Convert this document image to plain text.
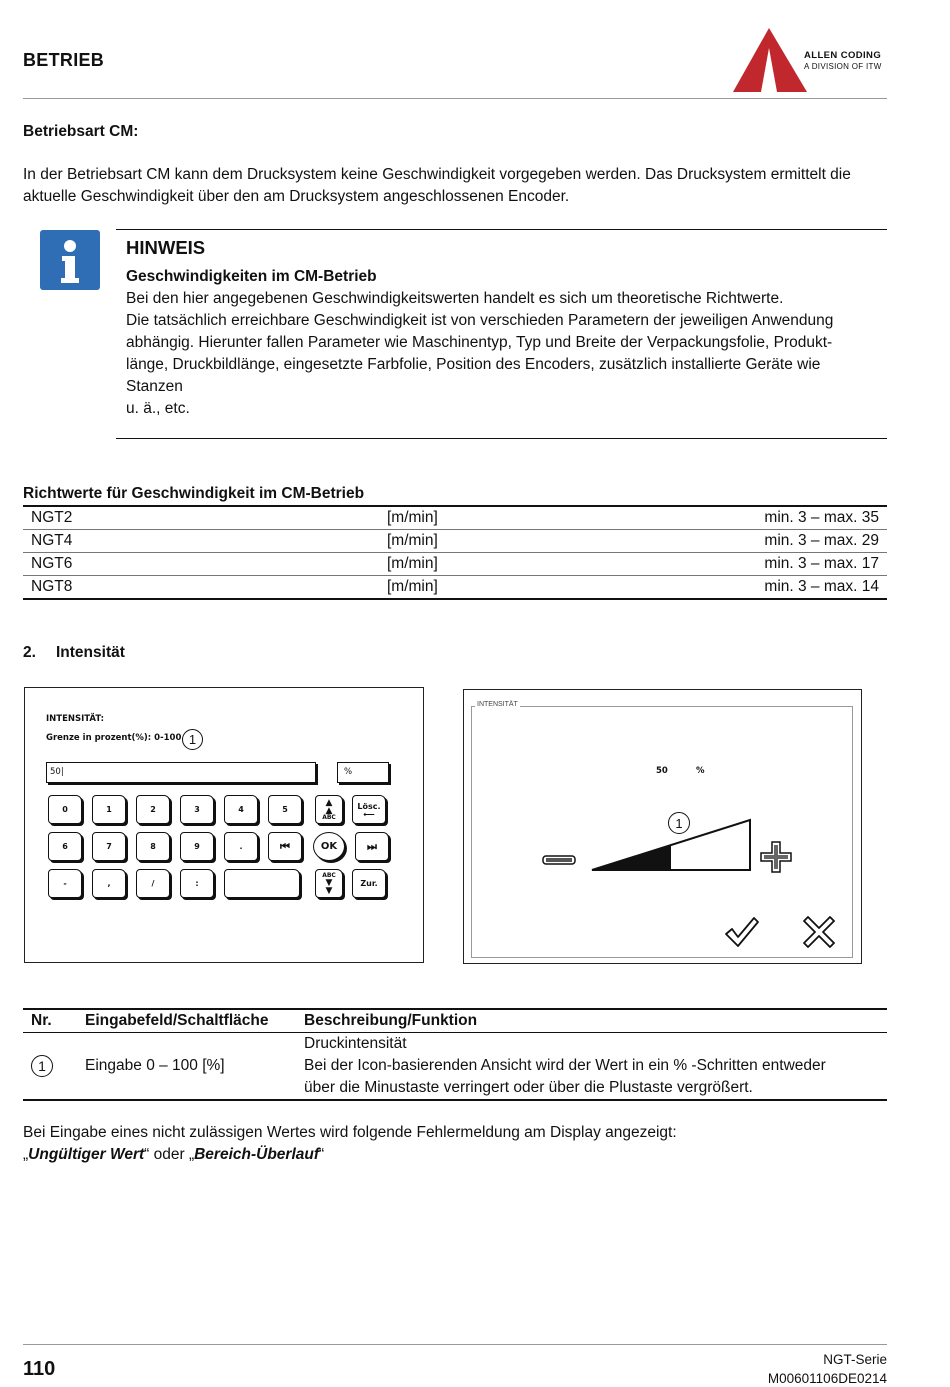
BETRIEB	ALLEN CODING
A DIVISION OF ITW
Betriebsart CM:
In der Betriebsart CM kann dem Drucksystem keine Geschwindigkeit vorgegeben werden. Das Drucksystem ermittelt die aktuelle Geschwindigkeit über den am Drucksystem angeschlossenen Encoder.
HINWEIS
Geschwindigkeiten im CM-Betrieb
Bei den hier angegebenen Geschwindigkeitswerten handelt es sich um theoretische Richtwerte.
Die tatsächlich erreichbare Geschwindigkeit ist von verschieden Parametern der jeweiligen Anwendung
abhängig. Hierunter fallen Parameter wie Maschinentyp, Typ und Breite der Verpackungsfolie, Produkt-
länge, Druckbildlänge, eingesetzte Farbfolie, Position des Encoders, zusätzlich installierte Geräte wie
Stanzen
u. ä., etc.
Richtwerte für Geschwindigkeit im CM-Betrieb
NGT2	[m/min]	min. 3 – max. 35
NGT4	[m/min]	min. 3 – max. 29
NGT6	[m/min]	min. 3 – max. 17
NGT8	[m/min]	min. 3 – max. 14
2. Intensität
INTENSITÄT:
Grenze in prozent(%): 0-100 1
50|	%
0	1	2	3	4	5
▲
▲
ABC
Lösc.
⟵
6	7	8	9	.	⏮	OK	⏭
-	,	/	:
ABC
▼
▼
Zur.
INTENSITÄT
50	%
1
Nr.	Eingabefeld/Schaltfläche	Beschreibung/Funktion
1	Eingabe 0 – 100 [%]	Druckintensität
Bei der Icon-basierenden Ansicht wird der Wert in ein % -Schritten entweder
über die Minustaste verringert oder über die Plustaste vergrößert.
Bei Eingabe eines nicht zulässigen Wertes wird folgende Fehlermeldung am Display angezeigt:
„Ungültiger Wert“ oder „Bereich-Überlauf“
110	NGT-Serie
M00601106DE0214
